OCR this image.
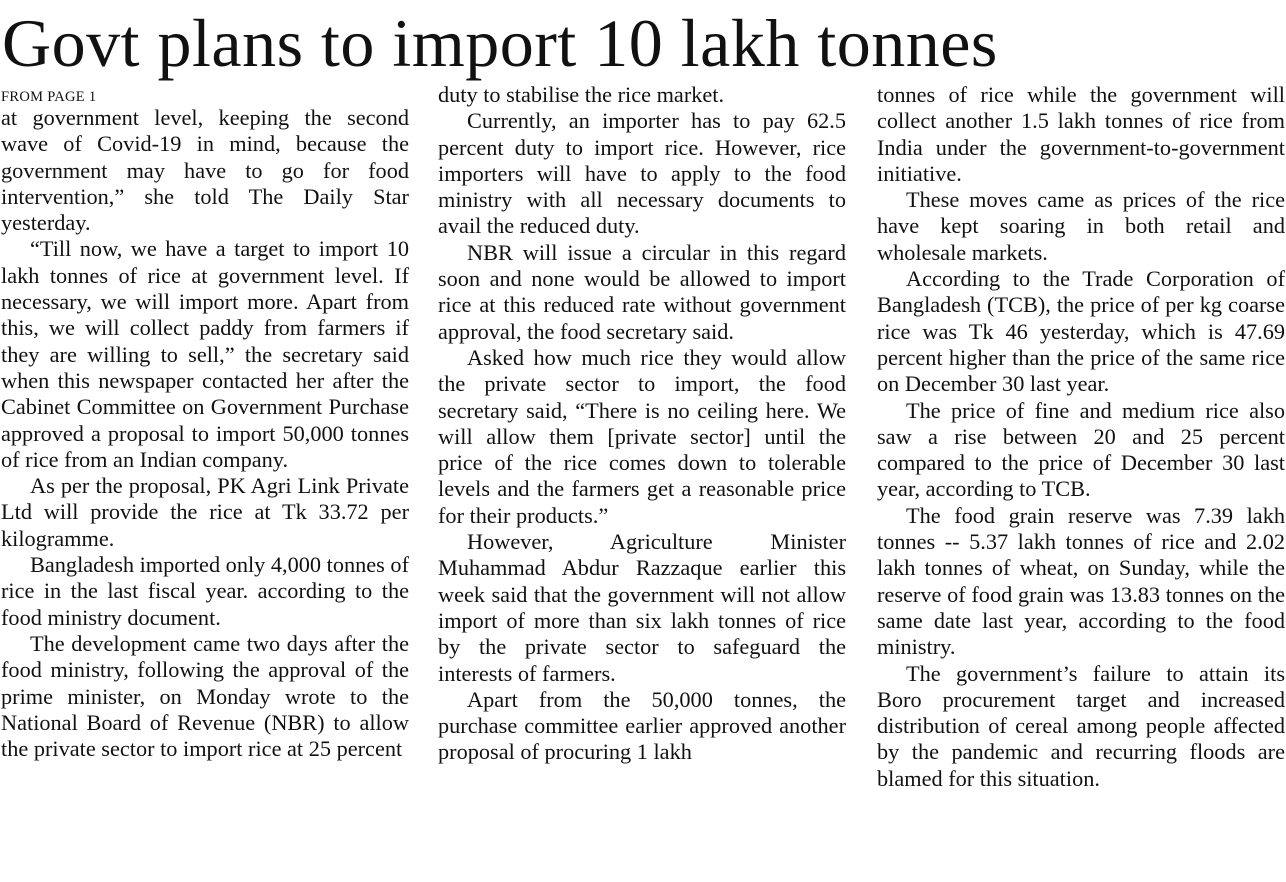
Govt plans to import 10 lakh tonnes
FROM PAGE 1

at government level, keeping the second wave of Covid-19 in mind, because the government may have to go for food intervention,” she told The Daily Star yesterday.

“Till now, we have a target to import 10 lakh tonnes of rice at government level. If necessary, we will import more. Apart from this, we will collect paddy from farmers if they are willing to sell,” the secretary said when this newspaper contacted her after the Cabinet Committee on Government Purchase approved a proposal to import 50,000 tonnes of rice from an Indian company.

As per the proposal, PK Agri Link Private Ltd will provide the rice at Tk 33.72 per kilogramme.

Bangladesh imported only 4,000 tonnes of rice in the last fiscal year. according to the food ministry document.

The development came two days after the food ministry, following the approval of the prime minister, on Monday wrote to the National Board of Revenue (NBR) to allow the private sector to import rice at 25 percent

duty to stabilise the rice market.

Currently, an importer has to pay 62.5 percent duty to import rice. However, rice importers will have to apply to the food ministry with all necessary documents to avail the reduced duty.

NBR will issue a circular in this regard soon and none would be allowed to import rice at this reduced rate without government approval, the food secretary said.

Asked how much rice they would allow the private sector to import, the food secretary said, “There is no ceiling here. We will allow them [private sector] until the price of the rice comes down to tolerable levels and the farmers get a reasonable price for their products.”

However, Agriculture Minister Muhammad Abdur Razzaque earlier this week said that the government will not allow import of more than six lakh tonnes of rice by the private sector to safeguard the interests of farmers.

Apart from the 50,000 tonnes, the purchase committee earlier approved another proposal of procuring 1 lakh

tonnes of rice while the government will collect another 1.5 lakh tonnes of rice from India under the government-to-government initiative.

These moves came as prices of the rice have kept soaring in both retail and wholesale markets.

According to the Trade Corporation of Bangladesh (TCB), the price of per kg coarse rice was Tk 46 yesterday, which is 47.69 percent higher than the price of the same rice on December 30 last year.

The price of fine and medium rice also saw a rise between 20 and 25 percent compared to the price of December 30 last year, according to TCB.

The food grain reserve was 7.39 lakh tonnes -- 5.37 lakh tonnes of rice and 2.02 lakh tonnes of wheat, on Sunday, while the reserve of food grain was 13.83 tonnes on the same date last year, according to the food ministry.

The government’s failure to attain its Boro procurement target and increased distribution of cereal among people affected by the pandemic and recurring floods are blamed for this situation.
